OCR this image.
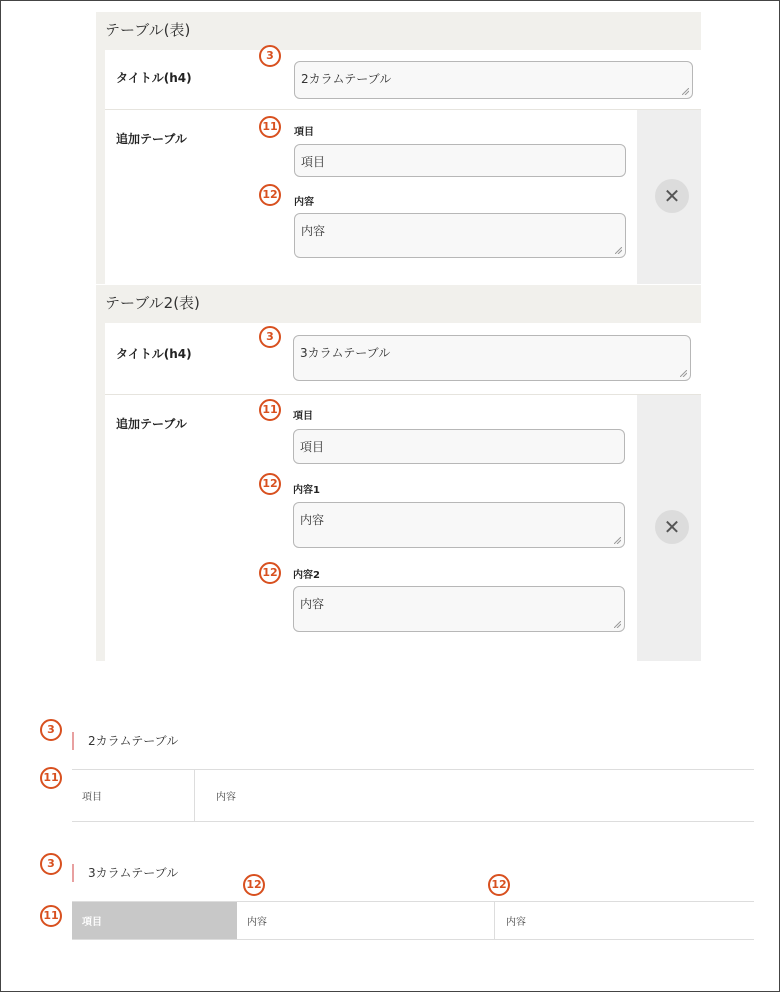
テーブル(表)
タイトル(h4)	2カラムテーブル
追加テーブル	項目
項目
内容
内容
✕
テーブル2(表)
タイトル(h4)	3カラムテーブル
追加テーブル
項目
項目
内容1
内容
内容2
内容
✕
3
11
12
3
11
12
12
3
2カラムテーブル
11
項目	内容
3
3カラムテーブル
12	12
11
項目	内容	内容
